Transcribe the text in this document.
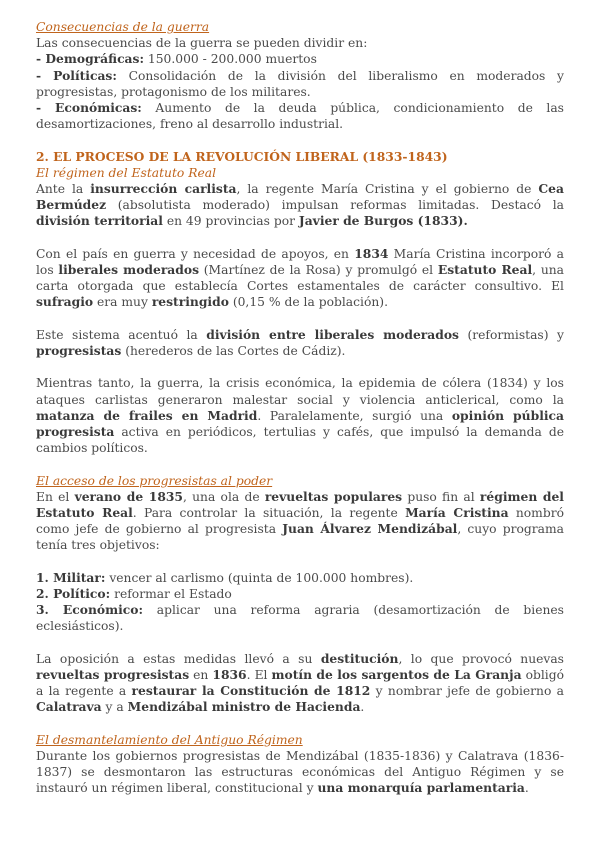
Consecuencias de la guerra

Las consecuencias de la guerra se pueden dividir en:

- Demográficas: 150.000 - 200.000 muertos

- Políticas: Consolidación de la división del liberalismo en moderados y progresistas, protagonismo de los militares.

- Económicas: Aumento de la deuda pública, condicionamiento de las desamortizaciones, freno al desarrollo industrial.

2. EL PROCESO DE LA REVOLUCIÓN LIBERAL (1833-1843)

El régimen del Estatuto Real

Ante la insurrección carlista, la regente María Cristina y el gobierno de Cea Bermúdez (absolutista moderado) impulsan reformas limitadas. Destacó la división territorial en 49 provincias por Javier de Burgos (1833).

Con el país en guerra y necesidad de apoyos, en 1834 María Cristina incorporó a los liberales moderados (Martínez de la Rosa) y promulgó el Estatuto Real, una carta otorgada que establecía Cortes estamentales de carácter consultivo. El sufragio era muy restringido (0,15 % de la población).

Este sistema acentuó la división entre liberales moderados (reformistas) y progresistas (herederos de las Cortes de Cádiz).

Mientras tanto, la guerra, la crisis económica, la epidemia de cólera (1834) y los ataques carlistas generaron malestar social y violencia anticlerical, como la matanza de frailes en Madrid. Paralelamente, surgió una opinión pública progresista activa en periódicos, tertulias y cafés, que impulsó la demanda de cambios políticos.

El acceso de los progresistas al poder

En el verano de 1835, una ola de revueltas populares puso fin al régimen del Estatuto Real. Para controlar la situación, la regente María Cristina nombró como jefe de gobierno al progresista Juan Álvarez Mendizábal, cuyo programa tenía tres objetivos:

1. Militar: vencer al carlismo (quinta de 100.000 hombres).

2. Político: reformar el Estado

3. Económico: aplicar una reforma agraria (desamortización de bienes eclesiásticos).

La oposición a estas medidas llevó a su destitución, lo que provocó nuevas revueltas progresistas en 1836. El motín de los sargentos de La Granja obligó a la regente a restaurar la Constitución de 1812 y nombrar jefe de gobierno a Calatrava y a Mendizábal ministro de Hacienda.

El desmantelamiento del Antiguo Régimen

Durante los gobiernos progresistas de Mendizábal (1835-1836) y Calatrava (1836-1837) se desmontaron las estructuras económicas del Antiguo Régimen y se instauró un régimen liberal, constitucional y una monarquía parlamentaria.
